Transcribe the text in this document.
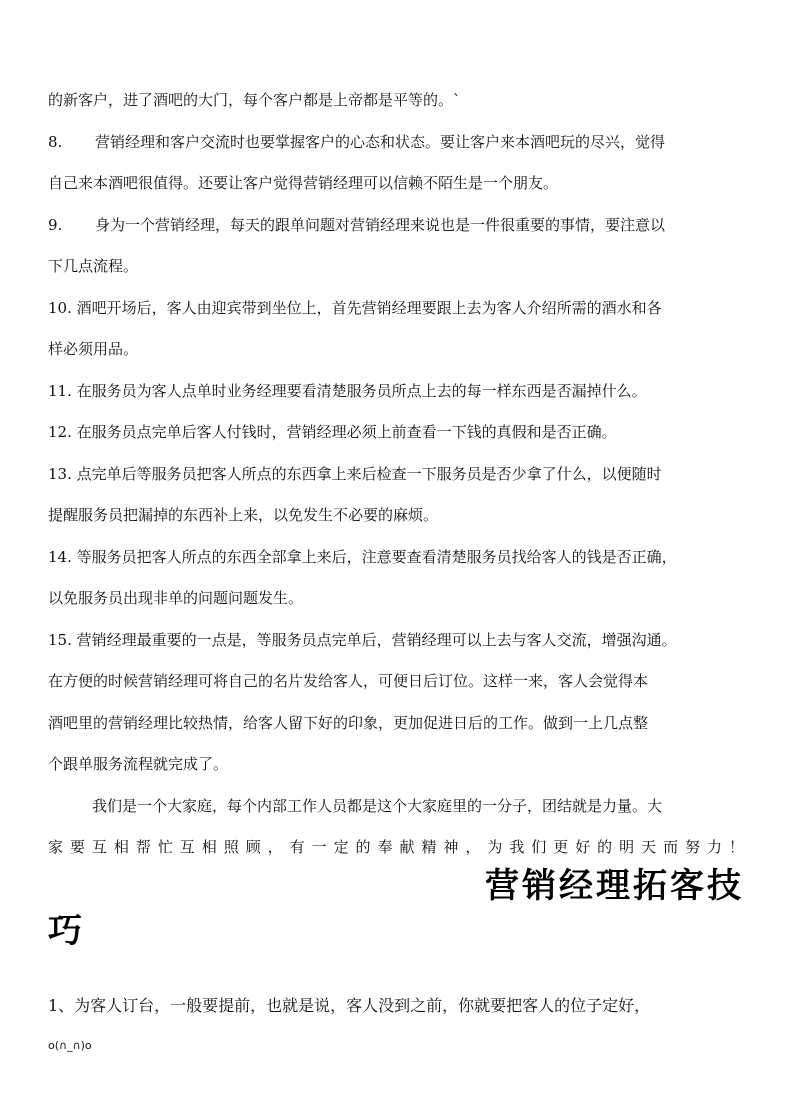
的新客户，进了酒吧的大门，每个客户都是上帝都是平等的。`
8. 营销经理和客户交流时也要掌握客户的心态和状态。要让客户来本酒吧玩的尽兴，觉得
自己来本酒吧很值得。还要让客户觉得营销经理可以信赖不陌生是一个朋友。
9. 身为一个营销经理，每天的跟单问题对营销经理来说也是一件很重要的事情，要注意以
下几点流程。
10. 酒吧开场后，客人由迎宾带到坐位上，首先营销经理要跟上去为客人介绍所需的酒水和各
样必须用品。
11. 在服务员为客人点单时业务经理要看清楚服务员所点上去的每一样东西是否漏掉什么。
12. 在服务员点完单后客人付钱时，营销经理必须上前查看一下钱的真假和是否正确。
13. 点完单后等服务员把客人所点的东西拿上来后检查一下服务员是否少拿了什么，以便随时
提醒服务员把漏掉的东西补上来，以免发生不必要的麻烦。
14. 等服务员把客人所点的东西全部拿上来后，注意要查看清楚服务员找给客人的钱是否正确，
以免服务员出现非单的问题问题发生。
15. 营销经理最重要的一点是，等服务员点完单后，营销经理可以上去与客人交流，增强沟通。
在方便的时候营销经理可将自己的名片发给客人，可便日后订位。这样一来，客人会觉得本
酒吧里的营销经理比较热情，给客人留下好的印象，更加促进日后的工作。做到一上几点整
个跟单服务流程就完成了。
我们是一个大家庭，每个内部工作人员都是这个大家庭里的一分子，团结就是力量。大
家要互相帮忙互相照顾，有一定的奉献精神，为我们更好的明天而努力！
营销经理拓客技
巧
1、为客人订台，一般要提前，也就是说，客人没到之前，你就要把客人的位子定好，
o(∩_∩)o
